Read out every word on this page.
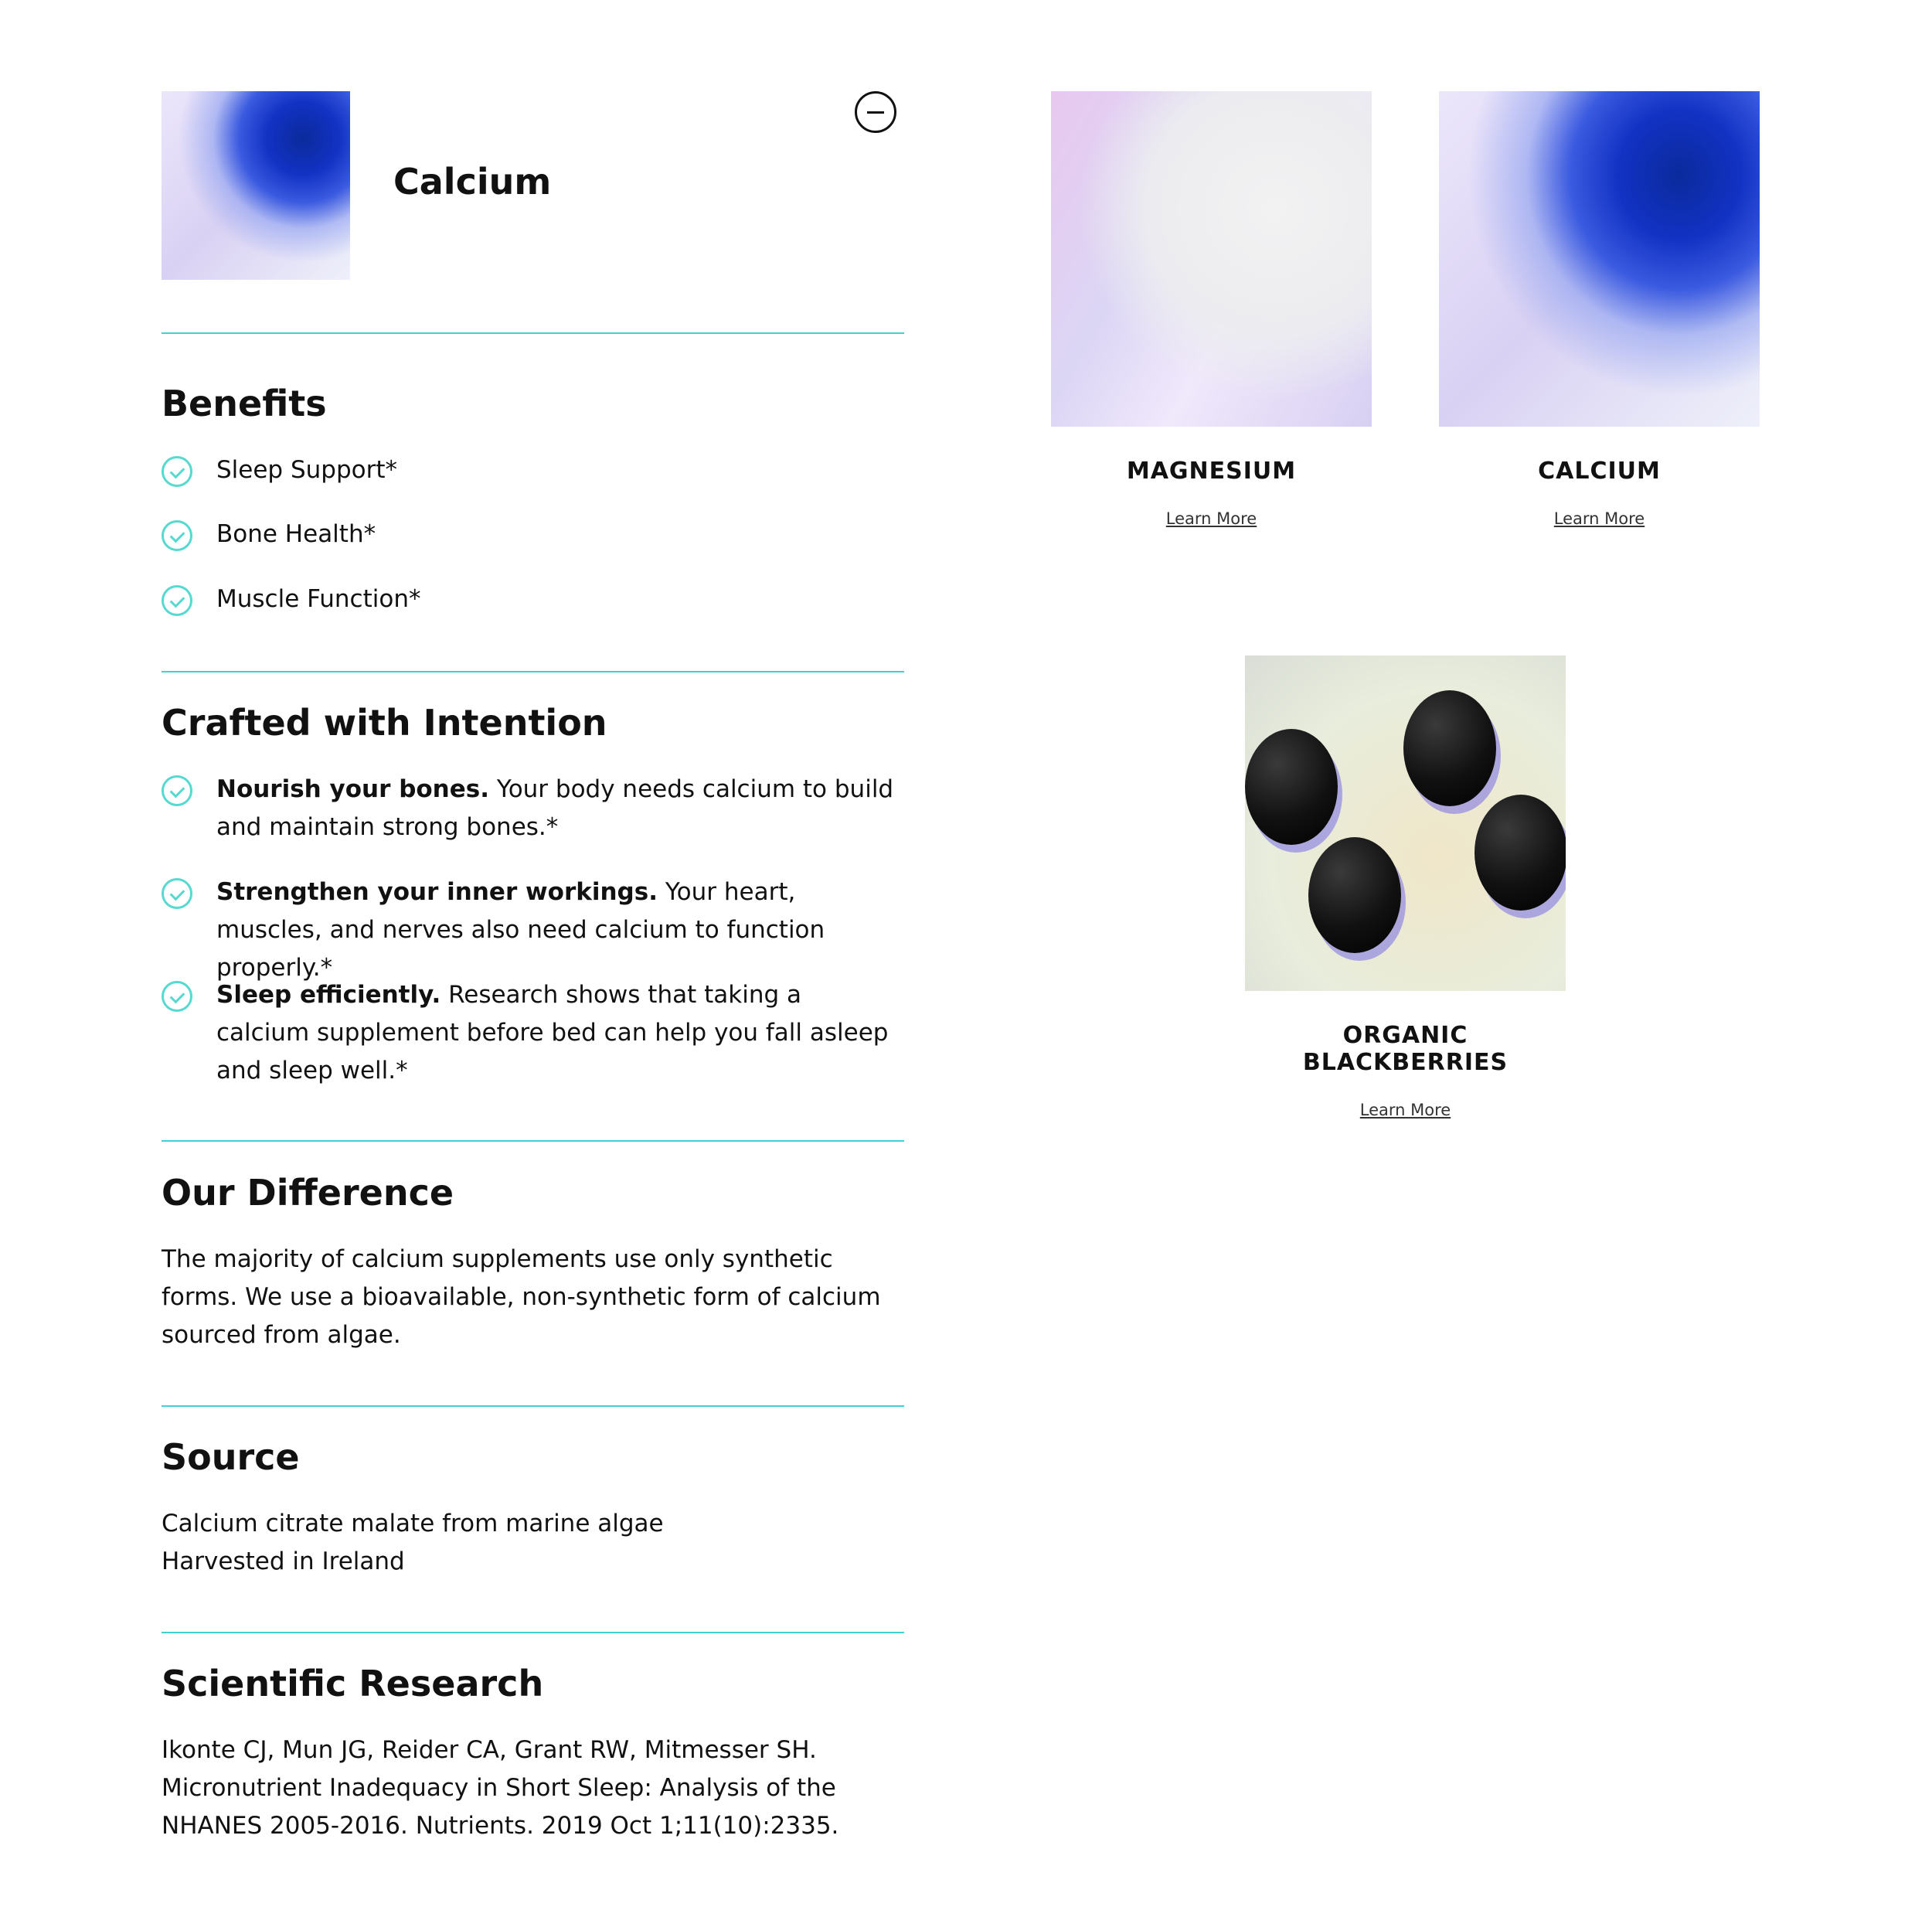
Calcium
Benefits
Sleep Support*
Bone Health*
Muscle Function*
Crafted with Intention
Nourish your bones. Your body needs calcium to build and maintain strong bones.*
Strengthen your inner workings. Your heart, muscles, and nerves also need calcium to function properly.*
Sleep efficiently. Research shows that taking a calcium supplement before bed can help you fall asleep and sleep well.*
Our Difference

The majority of calcium supplements use only synthetic forms. We use a bioavailable, non-synthetic form of calcium sourced from algae.

Source

Calcium citrate malate from marine algae

Harvested in Ireland

Scientific Research

Ikonte CJ, Mun JG, Reider CA, Grant RW, Mitmesser SH. Micronutrient Inadequacy in Short Sleep: Analysis of the NHANES 2005-2016. Nutrients. 2019 Oct 1;11(10):2335.

MAGNESIUM
Learn More
CALCIUM
Learn More
ORGANIC BLACKBERRIES
Learn More
